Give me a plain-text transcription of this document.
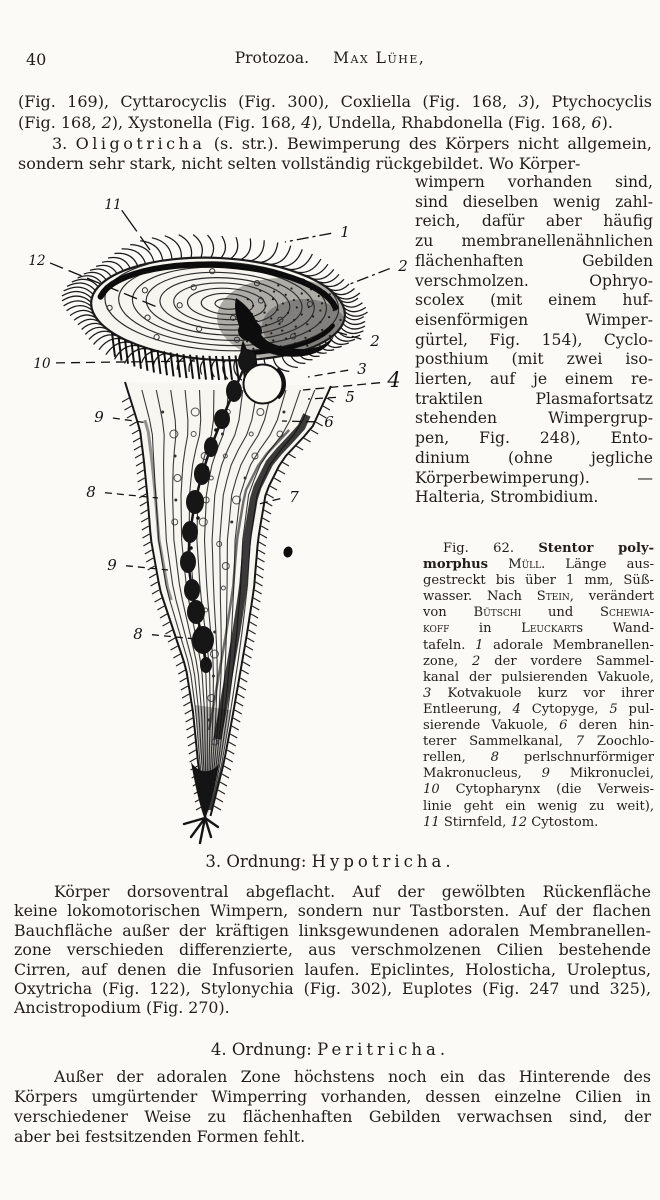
40	Protozoa. Max Lühe,
(Fig. 169), Cyttarocyclis (Fig. 300), Coxliella (Fig. 168, 3), Ptychocyclis
(Fig. 168, 2), Xystonella (Fig. 168, 4), Undella, Rhabdonella (Fig. 168, 6).
3. Oligotricha (s. str.). Bewimperung des Körpers nicht allgemein,
sondern sehr stark, nicht selten vollständig rückgebildet. Wo Körper-
wimpern vorhanden sind,
sind dieselben wenig zahl-
reich, dafür aber häufig
zu membranellenähnlichen
flächenhaften Gebilden
verschmolzen. Ophryo-
scolex (mit einem huf-
eisenförmigen Wimper-
gürtel, Fig. 154), Cyclo-
posthium (mit zwei iso-
lierten, auf je einem re-
traktilen Plasmafortsatz
stehenden Wimpergrup-
pen, Fig. 248), Ento-
dinium (ohne jegliche
Körperbewimperung). —
Halteria, Strombidium.
11
1
12	2
2
10	3 4
5
9	6
8	7
9
8
Fig. 62. Stentor poly-
morphus Müll. Länge aus-
gestreckt bis über 1 mm, Süß-
wasser. Nach Stein, verändert
von Bütschi und Schewia-
koff in Leuckarts Wand-
tafeln. 1 adorale Membranellen-
zone, 2 der vordere Sammel-
kanal der pulsierenden Vakuole,
3 Kotvakuole kurz vor ihrer
Entleerung, 4 Cytopyge, 5 pul-
sierende Vakuole, 6 deren hin-
terer Sammelkanal, 7 Zoochlo-
rellen, 8 perlschnurförmiger
Makronucleus, 9 Mikronuclei,
10 Cytopharynx (die Verweis-
linie geht ein wenig zu weit),
11 Stirnfeld, 12 Cytostom.
3. Ordnung: Hypotricha.
Körper dorsoventral abgeflacht. Auf der gewölbten Rückenfläche
keine lokomotorischen Wimpern, sondern nur Tastborsten. Auf der flachen
Bauchfläche außer der kräftigen linksgewundenen adoralen Membranellen-
zone verschieden differenzierte, aus verschmolzenen Cilien bestehende
Cirren, auf denen die Infusorien laufen. Epiclintes, Holosticha, Uroleptus,
Oxytricha (Fig. 122), Stylonychia (Fig. 302), Euplotes (Fig. 247 und 325),
Ancistropodium (Fig. 270).
4. Ordnung: Peritricha.
Außer der adoralen Zone höchstens noch ein das Hinterende des
Körpers umgürtender Wimperring vorhanden, dessen einzelne Cilien in
verschiedener Weise zu flächenhaften Gebilden verwachsen sind, der
aber bei festsitzenden Formen fehlt.
